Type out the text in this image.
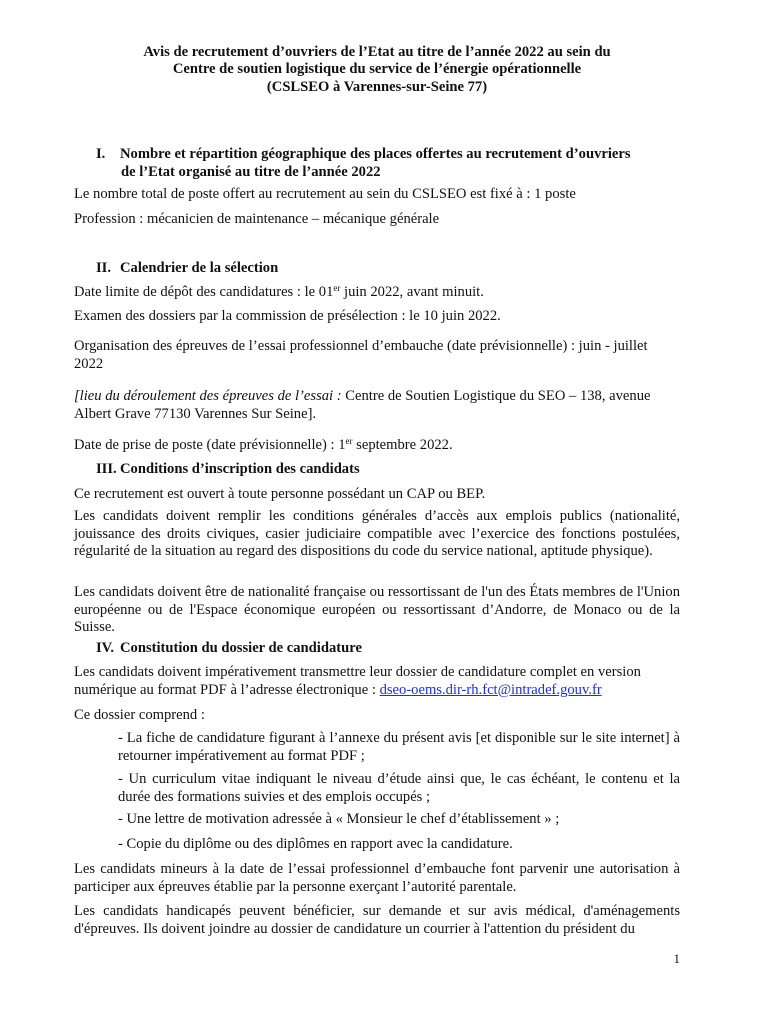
Avis de recrutement d’ouvriers de l’Etat au titre de l’année 2022 au sein du
Centre de soutien logistique du service de l’énergie opérationnelle
(CSLSEO à Varennes-sur-Seine 77)
I. Nombre et répartition géographique des places offertes au recrutement d’ouvriers
de l’Etat organisé au titre de l’année 2022
Le nombre total de poste offert au recrutement au sein du CSLSEO est fixé à : 1 poste
Profession : mécanicien de maintenance – mécanique générale
II. Calendrier de la sélection
Date limite de dépôt des candidatures : le 01er juin 2022, avant minuit.
Examen des dossiers par la commission de présélection : le 10 juin 2022.
Organisation des épreuves de l’essai professionnel d’embauche (date prévisionnelle) : juin - juillet 2022
[lieu du déroulement des épreuves de l’essai : Centre de Soutien Logistique du SEO – 138, avenue Albert Grave 77130 Varennes Sur Seine].
Date de prise de poste (date prévisionnelle) : 1er septembre 2022.
III. Conditions d’inscription des candidats
Ce recrutement est ouvert à toute personne possédant un CAP ou BEP.
Les candidats doivent remplir les conditions générales d’accès aux emplois publics (nationalité, jouissance des droits civiques, casier judiciaire compatible avec l’exercice des fonctions postulées, régularité de la situation au regard des dispositions du code du service national, aptitude physique).
Les candidats doivent être de nationalité française ou ressortissant de l'un des États membres de l'Union européenne ou de l'Espace économique européen ou ressortissant d’Andorre, de Monaco ou de la Suisse.
IV. Constitution du dossier de candidature
Les candidats doivent impérativement transmettre leur dossier de candidature complet en version numérique au format PDF à l’adresse électronique : dseo-oems.dir-rh.fct@intradef.gouv.fr
Ce dossier comprend :
- La fiche de candidature figurant à l’annexe du présent avis [et disponible sur le site internet] à retourner impérativement au format PDF ;
- Un curriculum vitae indiquant le niveau d’étude ainsi que, le cas échéant, le contenu et la durée des formations suivies et des emplois occupés ;
- Une lettre de motivation adressée à « Monsieur le chef d’établissement » ;
- Copie du diplôme ou des diplômes en rapport avec la candidature.
Les candidats mineurs à la date de l’essai professionnel d’embauche font parvenir une autorisation à participer aux épreuves établie par la personne exerçant l’autorité parentale.
Les candidats handicapés peuvent bénéficier, sur demande et sur avis médical, d'aménagements d'épreuves. Ils doivent joindre au dossier de candidature un courrier à l'attention du président du
1
